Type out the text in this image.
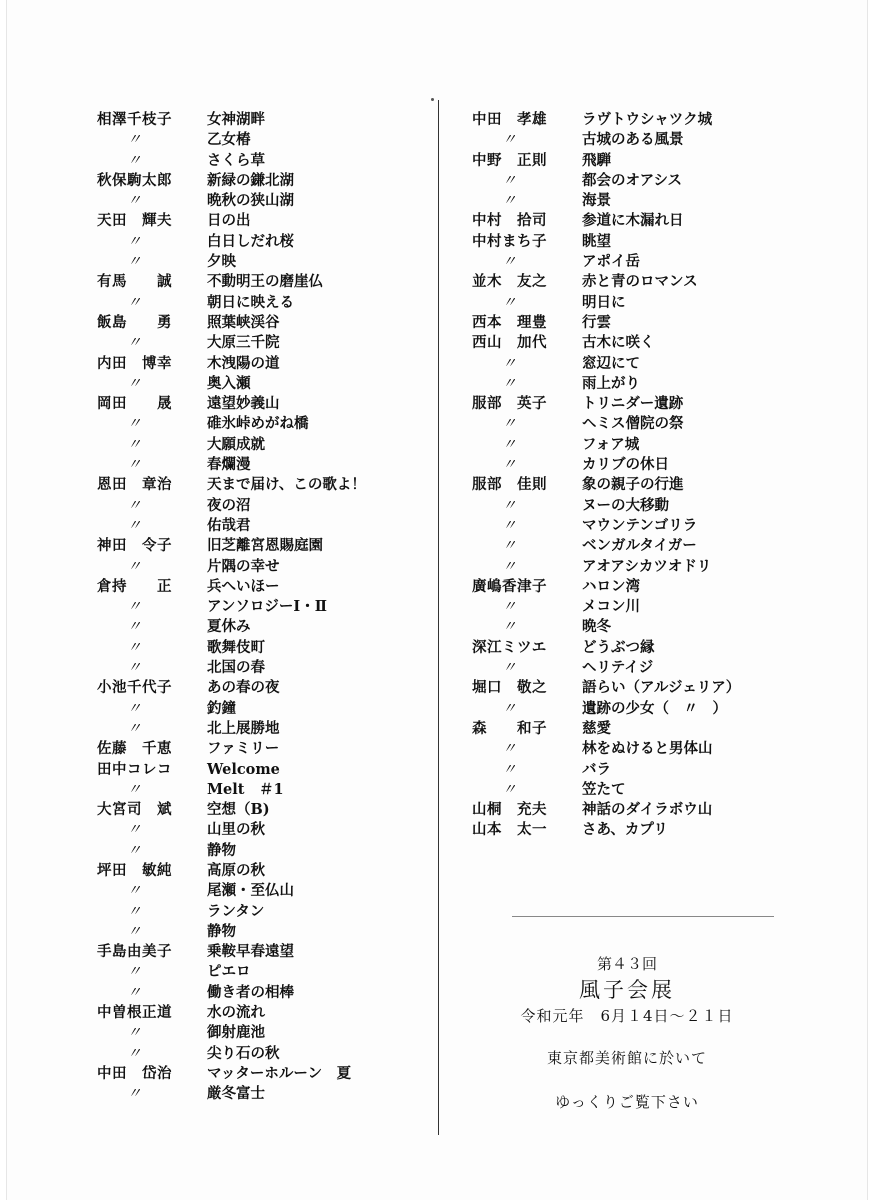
相澤千枝子	女神湖畔
〃	乙女椿
〃	さくら草
秋保駒太郎	新緑の鎌北湖
〃	晩秋の狭山湖
天田　輝夫	日の出
〃	白日しだれ桜
〃	夕映
有馬　　誠	不動明王の磨崖仏
〃	朝日に映える
飯島　　勇	照葉峡渓谷
〃	大原三千院
内田　博幸	木洩陽の道
〃	奥入瀬
岡田　　晟	遠望妙義山
〃	碓氷峠めがね橋
〃	大願成就
〃	春爛漫
恩田　章治	天まで届け、この歌よ！
〃	夜の沼
〃	佑哉君
神田　令子	旧芝離宮恩賜庭園
〃	片隅の幸せ
倉持　　正	兵へいほー
〃	アンソロジーⅠ・Ⅱ
〃	夏休み
〃	歌舞伎町
〃	北国の春
小池千代子	あの春の夜
〃	釣鐘
〃	北上展勝地
佐藤　千恵	ファミリー
田中コレコ	Welcome
〃	Melt　＃1
大宮司　斌	空想（B)
〃	山里の秋
〃	静物
坪田　敏純	高原の秋
〃	尾瀬・至仏山
〃	ランタン
〃	静物
手島由美子	乗鞍早春遠望
〃	ピエロ
〃	働き者の相棒
中曽根正道	水の流れ
〃	御射鹿池
〃	尖り石の秋
中田　岱治	マッターホルーン　夏
〃	厳冬富士
中田　孝雄	ラヴトウシャツク城
〃	古城のある風景
中野　正則	飛騨
〃	都会のオアシス
〃	海景
中村　拾司	参道に木漏れ日
中村まち子	眺望
〃	アポイ岳
並木　友之	赤と青のロマンス
〃	明日に
西本　理豊	行雲
西山　加代	古木に咲く
〃	窓辺にて
〃	雨上がり
服部　英子	トリニダー遺跡
〃	ヘミス僧院の祭
〃	フォア城
〃	カリブの休日
服部　佳則	象の親子の行進
〃	ヌーの大移動
〃	マウンテンゴリラ
〃	ベンガルタイガー
〃	アオアシカツオドリ
廣嶋香津子	ハロン湾
〃	メコン川
〃	晩冬
深江ミツエ	どうぶつ縁
〃	ヘリテイジ
堀口　敬之	語らい（アルジェリア）
〃	遺跡の少女（　〃　）
森　　和子	慈愛
〃	林をぬけると男体山
〃	バラ
〃	笠たて
山桐　充夫	神話のダイラボウ山
山本　太一	さあ、カプリ
第４３回
風子会展
令和元年　6月１4日～２１日
東京都美術館に於いて
ゆっくりご覧下さい
